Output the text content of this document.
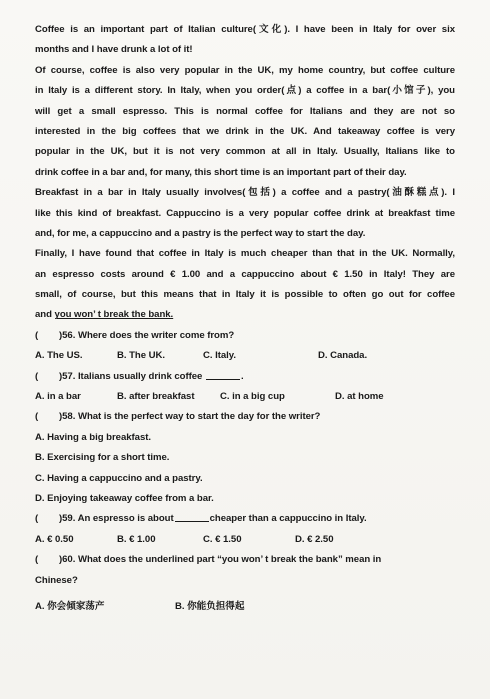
Coffee is an important part of Italian culture(文化). I have been in Italy for over six
months and I have drunk a lot of it!
Of course, coffee is also very popular in the UK, my home country, but coffee culture
in Italy is a different story. In Italy, when you order(点) a coffee in a bar(小馆子), you
will get a small espresso. This is normal coffee for Italians and they are not so
interested in the big coffees that we drink in the UK. And takeaway coffee is very
popular in the UK, but it is not very common at all in Italy. Usually, Italians like to
drink coffee in a bar and, for many, this short time is an important part of their day.
Breakfast in a bar in Italy usually involves(包括) a coffee and a pastry(油酥糕点). I
like this kind of breakfast. Cappuccino is a very popular coffee drink at breakfast time
and, for me, a cappuccino and a pastry is the perfect way to start the day.
Finally, I have found that coffee in Italy is much cheaper than that in the UK. Normally,
an espresso costs around € 1.00 and a cappuccino about € 1.50 in Italy! They are
small, of course, but this means that in Italy it is possible to often go out for coffee
and you won’ t break the bank.
( )56. Where does the writer come from?
A. The US.	B. The UK.	C. Italy.	D. Canada.
( )57. Italians usually drink coffee	.
A. in a bar	B. after breakfast	C. in a big cup	D. at home
( )58. What is the perfect way to start the day for the writer?
A. Having a big breakfast.
B. Exercising for a short time.
C. Having a cappuccino and a pastry.
D. Enjoying takeaway coffee from a bar.
( )59. An espresso is about	cheaper than a cappuccino in Italy.
A. € 0.50	B. € 1.00	C. € 1.50	D. € 2.50
( )60. What does the underlined part “you won’ t break the bank” mean in
Chinese?
A. 你会倾家荡产	B. 你能负担得起
